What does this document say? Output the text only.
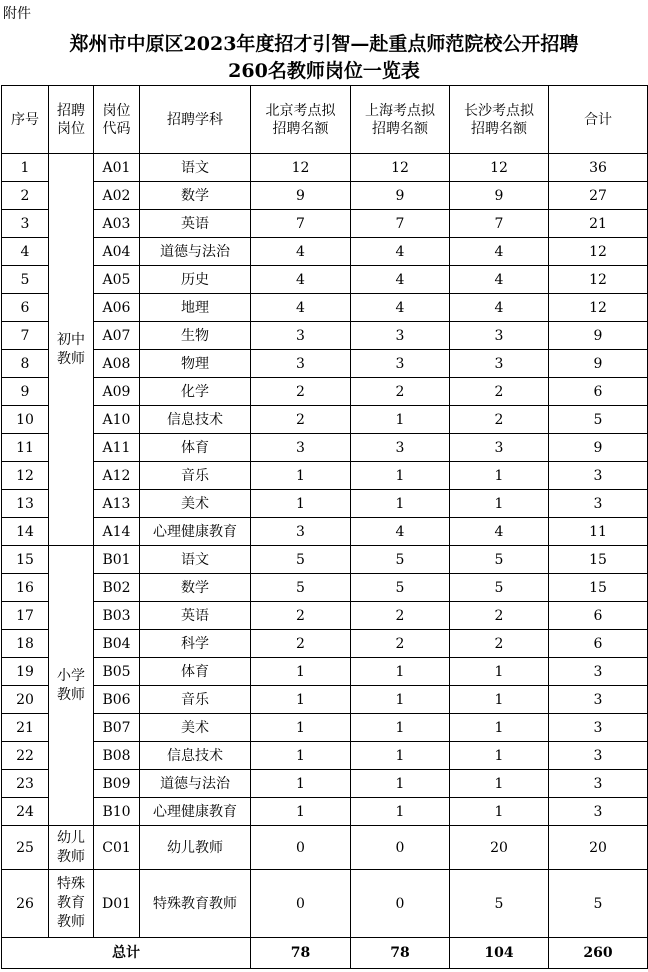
附件
郑州市中原区2023年度招才引智—赴重点师范院校公开招聘
260名教师岗位一览表
序号	招聘岗位	岗位代码	招聘学科	北京考点拟招聘名额	上海考点拟招聘名额	长沙考点拟招聘名额	合计
1	初中教师	A01	语文	12	12	12	36
2		A02	数学	9	9	9	27
3		A03	英语	7	7	7	21
4		A04	道德与法治	4	4	4	12
5		A05	历史	4	4	4	12
6		A06	地理	4	4	4	12
7		A07	生物	3	3	3	9
8		A08	物理	3	3	3	9
9		A09	化学	2	2	2	6
10		A10	信息技术	2	1	2	5
11		A11	体育	3	3	3	9
12		A12	音乐	1	1	1	3
13		A13	美术	1	1	1	3
14		A14	心理健康教育	3	4	4	11
15	小学教师	B01	语文	5	5	5	15
16		B02	数学	5	5	5	15
17		B03	英语	2	2	2	6
18		B04	科学	2	2	2	6
19		B05	体育	1	1	1	3
20		B06	音乐	1	1	1	3
21		B07	美术	1	1	1	3
22		B08	信息技术	1	1	1	3
23		B09	道德与法治	1	1	1	3
24		B10	心理健康教育	1	1	1	3
25	幼儿教师	C01	幼儿教师	0	0	20	20
26	特殊教育教师	D01	特殊教育教师	0	0	5	5
总计				78	78	104	260
